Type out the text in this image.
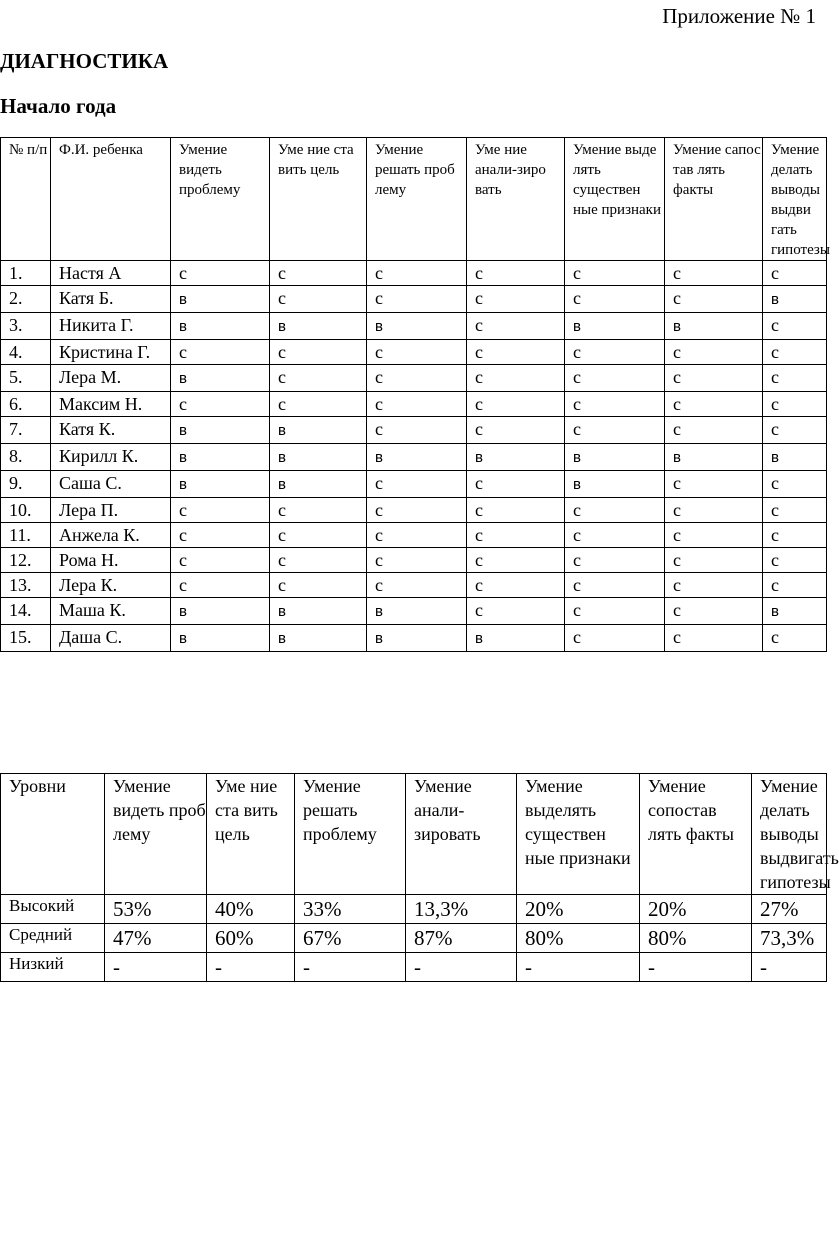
Приложение № 1
ДИАГНОСТИКА
Начало года
№ п/п	Ф.И. ребенка	Умение видеть проблему	Уме ние ста вить цель	Умение решать проб лему	Уме ние анали-зиро вать	Умение выде лять существен ные признаки	Умение сапос тав лять факты	Умение делать выводы выдви гать гипотезы
1.	Настя А	с	с	с	с	с	с	с
2.	Катя Б.	в	с	с	с	с	с	в
3.	Никита Г.	в	в	в	с	в	в	с
4.	Кристина Г.	с	с	с	с	с	с	с
5.	Лера М.	в	с	с	с	с	с	с
6.	Максим Н.	с	с	с	с	с	с	с
7.	Катя К.	в	в	с	с	с	с	с
8.	Кирилл К.	в	в	в	в	в	в	в
9.	Саша С.	в	в	с	с	в	с	с
10.	Лера П.	с	с	с	с	с	с	с
11.	Анжела К.	с	с	с	с	с	с	с
12.	Рома Н.	с	с	с	с	с	с	с
13.	Лера К.	с	с	с	с	с	с	с
14.	Маша К.	в	в	в	с	с	с	в
15.	Даша С.	в	в	в	в	с	с	с
Уровни	Умение видеть проб лему	Уме ние ста вить цель	Умение решать проблему	Умение анали-зировать	Умение выделять существен ные признаки	Умение сопостав лять факты	Умение делать выводы выдвигать гипотезы
Высокий	53%	40%	33%	13,3%	20%	20%	27%
Средний	47%	60%	67%	87%	80%	80%	73,3%
Низкий	-	-	-	-	-	-	-
